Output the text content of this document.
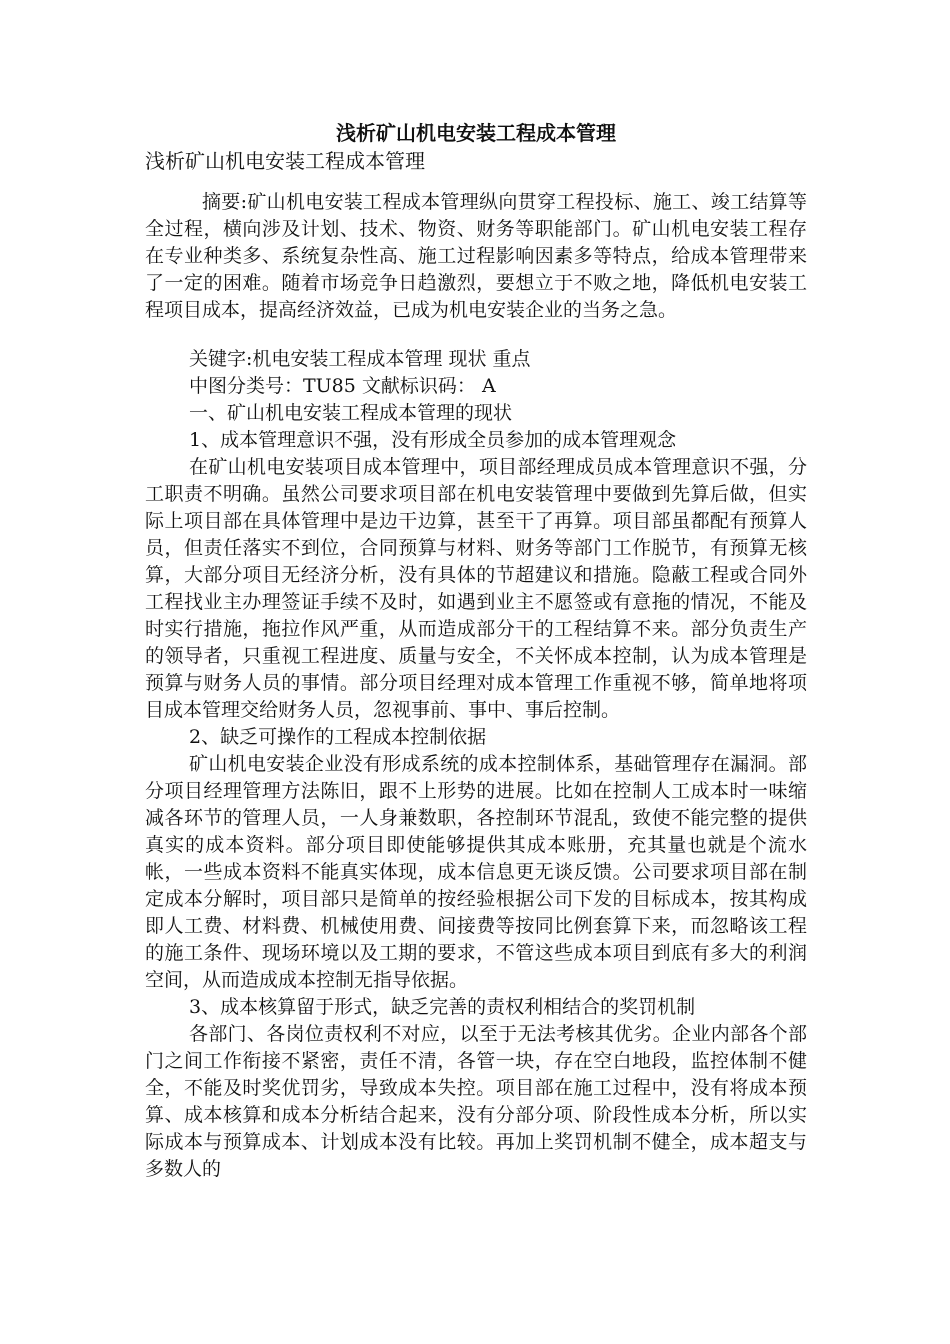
浅析矿山机电安装工程成本管理

浅析矿山机电安装工程成本管理

摘要:矿山机电安装工程成本管理纵向贯穿工程投标、施工、竣工结算等全过程，横向涉及计划、技术、物资、财务等职能部门。矿山机电安装工程存在专业种类多、系统复杂性高、施工过程影响因素多等特点，给成本管理带来了一定的困难。随着市场竞争日趋激烈，要想立于不败之地，降低机电安装工程项目成本，提高经济效益，已成为机电安装企业的当务之急。

关键字:机电安装工程成本管理 现状 重点

中图分类号：TU85 文献标识码： A

一、矿山机电安装工程成本管理的现状

1、成本管理意识不强，没有形成全员参加的成本管理观念

在矿山机电安装项目成本管理中，项目部经理成员成本管理意识不强，分工职责不明确。虽然公司要求项目部在机电安装管理中要做到先算后做，但实际上项目部在具体管理中是边干边算，甚至干了再算。项目部虽都配有预算人员，但责任落实不到位，合同预算与材料、财务等部门工作脱节，有预算无核算，大部分项目无经济分析，没有具体的节超建议和措施。隐蔽工程或合同外工程找业主办理签证手续不及时，如遇到业主不愿签或有意拖的情况，不能及时实行措施，拖拉作风严重，从而造成部分干的工程结算不来。部分负责生产的领导者，只重视工程进度、质量与安全，不关怀成本控制，认为成本管理是预算与财务人员的事情。部分项目经理对成本管理工作重视不够，简单地将项目成本管理交给财务人员，忽视事前、事中、事后控制。

2、缺乏可操作的工程成本控制依据

矿山机电安装企业没有形成系统的成本控制体系，基础管理存在漏洞。部分项目经理管理方法陈旧，跟不上形势的进展。比如在控制人工成本时一味缩减各环节的管理人员，一人身兼数职，各控制环节混乱，致使不能完整的提供真实的成本资料。部分项目即使能够提供其成本账册，充其量也就是个流水帐，一些成本资料不能真实体现，成本信息更无谈反馈。公司要求项目部在制定成本分解时，项目部只是简单的按经验根据公司下发的目标成本，按其构成即人工费、材料费、机械使用费、间接费等按同比例套算下来，而忽略该工程的施工条件、现场环境以及工期的要求，不管这些成本项目到底有多大的利润空间，从而造成成本控制无指导依据。

3、成本核算留于形式，缺乏完善的责权利相结合的奖罚机制

各部门、各岗位责权利不对应，以至于无法考核其优劣。企业内部各个部门之间工作衔接不紧密，责任不清，各管一块，存在空白地段，监控体制不健全，不能及时奖优罚劣，导致成本失控。项目部在施工过程中，没有将成本预算、成本核算和成本分析结合起来，没有分部分项、阶段性成本分析，所以实际成本与预算成本、计划成本没有比较。再加上奖罚机制不健全，成本超支与多数人的
